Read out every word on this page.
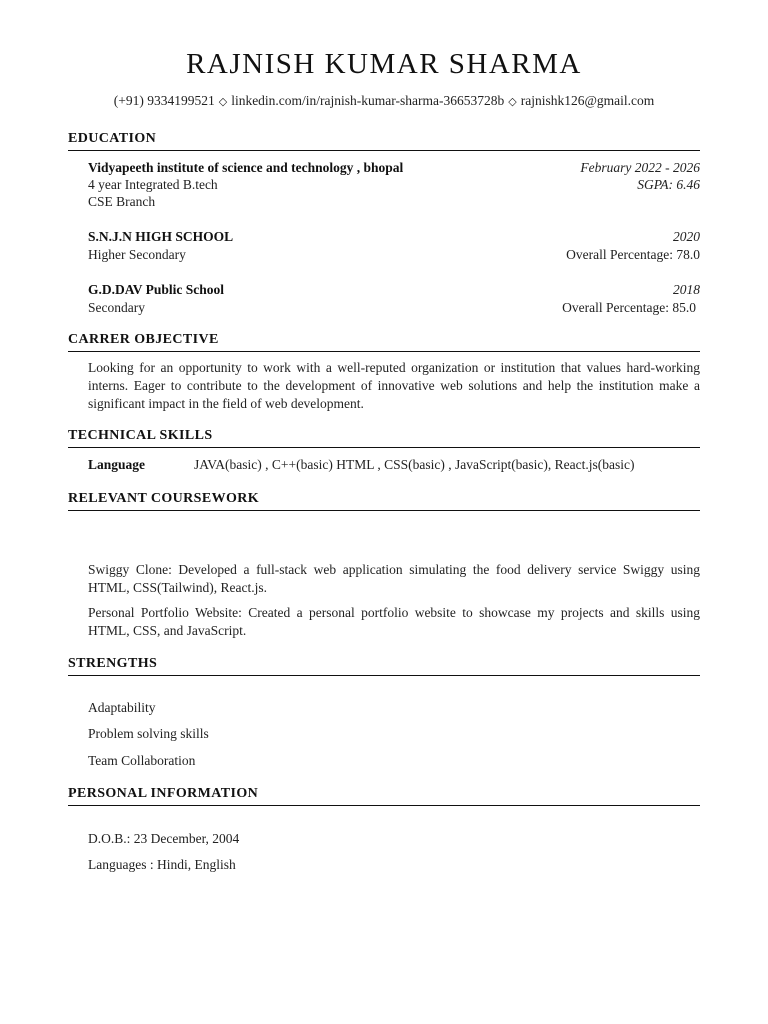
RAJNISH KUMAR SHARMA
(+91) 9334199521 ◇ linkedin.com/in/rajnish-kumar-sharma-36653728b ◇ rajnishk126@gmail.com
EDUCATION
Vidyapeeth institute of science and technology , bhopal	February 2022 - 2026
4 year Integrated B.tech	SGPA: 6.46
CSE Branch
S.N.J.N HIGH SCHOOL	2020
Higher Secondary	Overall Percentage: 78.0
G.D.DAV Public School	2018
Secondary	Overall Percentage: 85.0
CARRER OBJECTIVE
Looking for an opportunity to work with a well-reputed organization or institution that values hard-working interns. Eager to contribute to the development of innovative web solutions and help the institution make a significant impact in the field of web development.
TECHNICAL SKILLS
Language	JAVA(basic) , C++(basic) HTML , CSS(basic) , JavaScript(basic), React.js(basic)
RELEVANT COURSEWORK
Swiggy Clone: Developed a full-stack web application simulating the food delivery service Swiggy using HTML, CSS(Tailwind), React.js.
Personal Portfolio Website: Created a personal portfolio website to showcase my projects and skills using HTML, CSS, and JavaScript.
STRENGTHS
Adaptability
Problem solving skills
Team Collaboration
PERSONAL INFORMATION
D.O.B.: 23 December, 2004
Languages : Hindi, English
